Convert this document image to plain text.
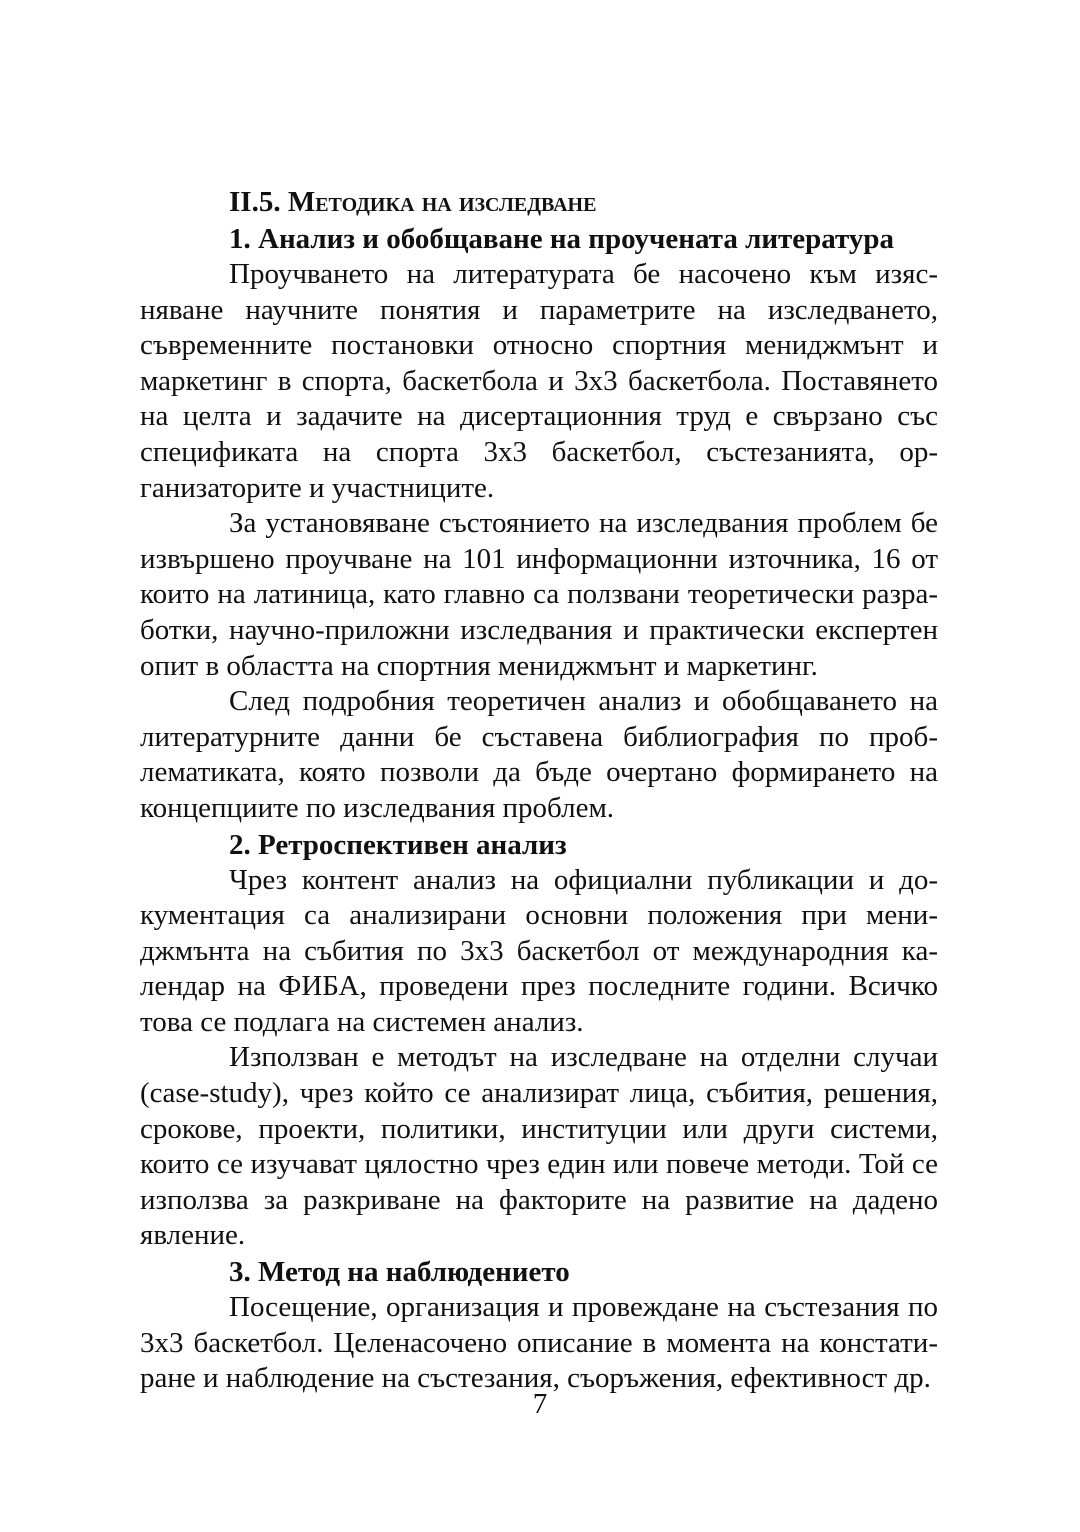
II.5. Методика на изследване

1. Анализ и обобщаване на проучената литература

Проучването на литературата бе насочено към изясняване научните понятия и параметрите на изследването, съвременните постановки относно спортния мениджмънт и маркетинг в спорта, баскетбола и 3х3 баскетбола. Поставянето на целта и задачите на дисертационния труд е свързано със спецификата на спорта 3х3 баскетбол, състезанията, организаторите и участниците.

За установяване състоянието на изследвания проблем бе извършено проучване на 101 информационни източника, 16 от които на латиница, като главно са ползвани теоретически разработки, научно-приложни изследвания и практически експертен опит в областта на спортния мениджмънт и маркетинг.

След подробния теоретичен анализ и обобщаването на литературните данни бе съставена библиография по проблематиката, която позволи да бъде очертано формирането на концепциите по изследвания проблем.

2. Ретроспективен анализ

Чрез контент анализ на официални публикации и документация са анализирани основни положения при мениджмънта на събития по 3х3 баскетбол от международния календар на ФИБА, проведени през последните години. Всичко това се подлага на системен анализ.

Използван е методът на изследване на отделни случаи (case-study), чрез който се анализират лица, събития, решения, срокове, проекти, политики, институции или други системи, които се изучават цялостно чрез един или повече методи. Той се използва за разкриване на факторите на развитие на дадено явление.

3. Метод на наблюдението

Посещение, организация и провеждане на състезания по 3х3 баскетбол. Целенасочено описание в момента на констатиране и наблюдение на състезания, съоръжения, ефективност др.

7
